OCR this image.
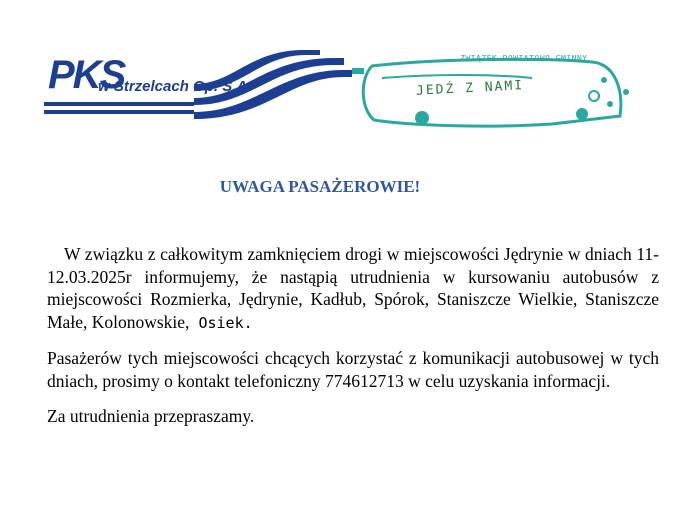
PKS
w Strzelcach Op. S.A.
ZWIĄZEK POWIATOWO-GMINNY
JEDŹ Z NAMI
UWAGA PASAŻEROWIE!

W związku z całkowitym zamknięciem drogi w miejscowości Jędrynie w dniach 11-12.03.2025r informujemy, że nastąpią utrudnienia w kursowaniu autobusów z miejscowości Rozmierka, Jędrynie, Kadłub, Spórok, Staniszcze Wielkie, Staniszcze Małe, Kolonowskie, Osiek.

Pasażerów tych miejscowości chcących korzystać z komunikacji autobusowej w tych dniach, prosimy o kontakt telefoniczny 774612713 w celu uzyskania informacji.

Za utrudnienia przepraszamy.
